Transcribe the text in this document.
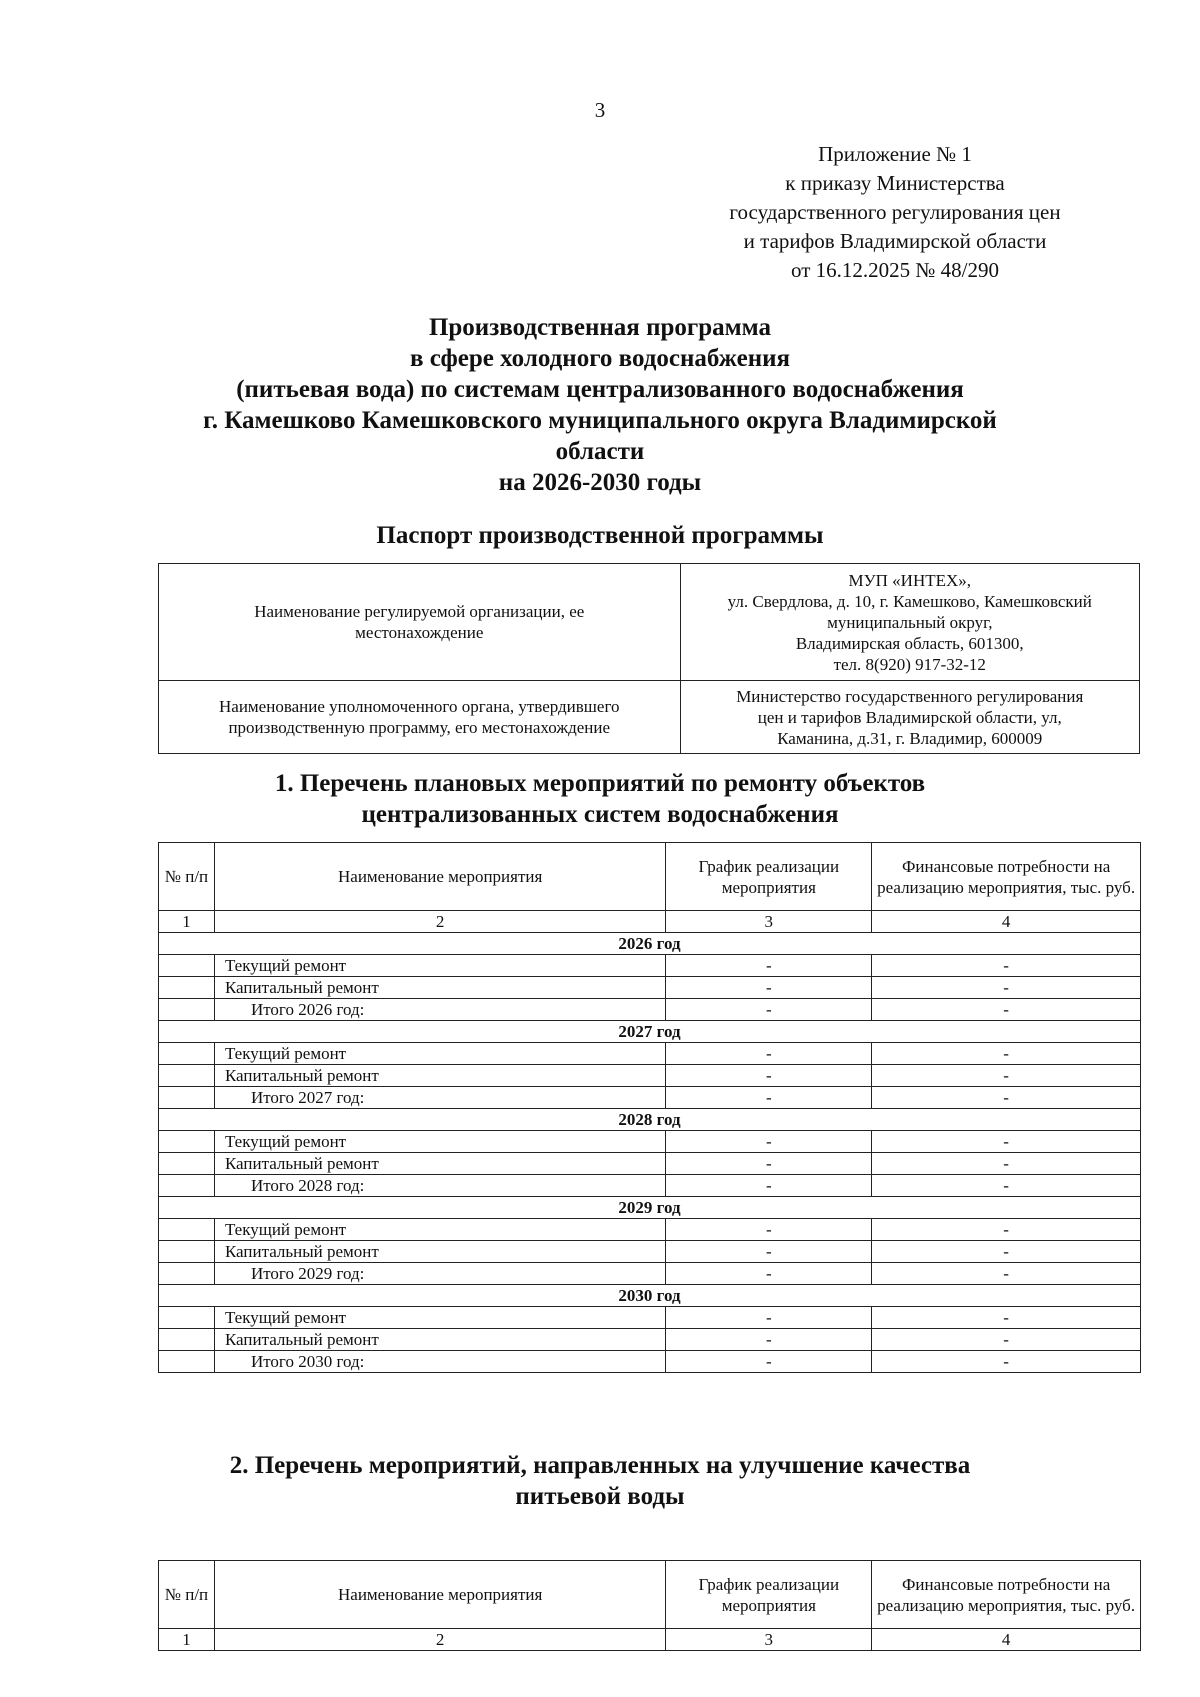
3
Приложение № 1
к приказу Министерства
государственного регулирования цен
и тарифов Владимирской области
от 16.12.2025 № 48/290
Производственная программа
в сфере холодного водоснабжения
(питьевая вода) по системам централизованного водоснабжения
г. Камешково Камешковского муниципального округа Владимирской
области
на 2026-2030 годы
Паспорт производственной программы
Наименование регулируемой организации, ее местонахождение	МУП «ИНТЕХ»,
ул. Свердлова, д. 10, г. Камешково, Камешковский
муниципальный округ,
Владимирская область, 601300,
тел. 8(920) 917-32-12

Наименование уполномоченного органа, утвердившего производственную программу, его местонахождение	Министерство государственного регулирования
цен и тарифов Владимирской области, ул,
Каманина, д.31, г. Владимир, 600009
1. Перечень плановых мероприятий по ремонту объектов
централизованных систем водоснабжения
№ п/п	Наименование мероприятия	График реализации мероприятия	Финансовые потребности на реализацию мероприятия, тыс. руб.
1	2	3	4
2026 год			
	Текущий ремонт	-	-
	Капитальный ремонт	-	-
	Итого 2026 год:	-	-
2027 год			
	Текущий ремонт	-	-
	Капитальный ремонт	-	-
	Итого 2027 год:	-	-
2028 год			
	Текущий ремонт	-	-
	Капитальный ремонт	-	-
	Итого 2028 год:	-	-
2029 год			
	Текущий ремонт	-	-
	Капитальный ремонт	-	-
	Итого 2029 год:	-	-
2030 год			
	Текущий ремонт	-	-
	Капитальный ремонт	-	-
	Итого 2030 год:	-	-
2. Перечень мероприятий, направленных на улучшение качества
питьевой воды
№ п/п	Наименование мероприятия	График реализации мероприятия	Финансовые потребности на реализацию мероприятия, тыс. руб.
1	2	3	4
